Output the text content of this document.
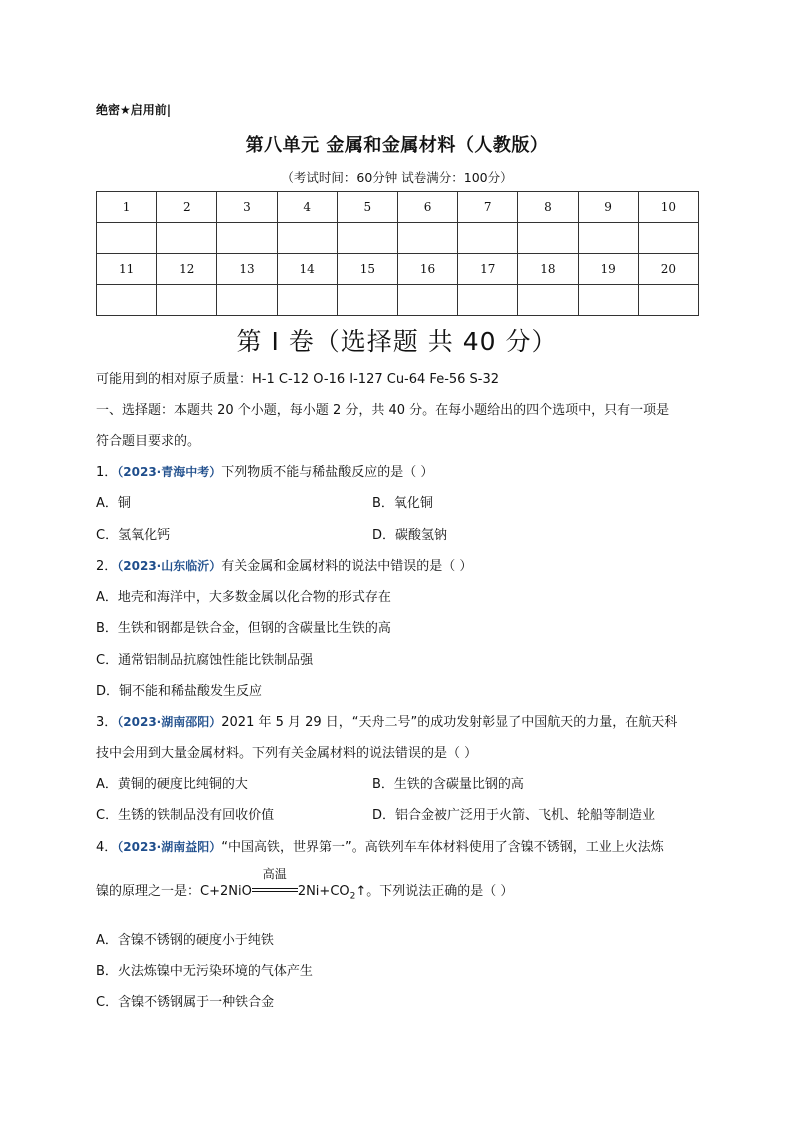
绝密★启用前|
第八单元 金属和金属材料（人教版）
（考试时间：60分钟 试卷满分：100分）
1	2	3	4	5	6	7	8	9	10

11	12	13	14	15	16	17	18	19	20

第 I 卷（选择题 共 40 分）
可能用到的相对原子质量：H-1 C-12 O-16 I-127 Cu-64 Fe-56 S-32
一、选择题：本题共 20 个小题，每小题 2 分，共 40 分。在每小题给出的四个选项中，只有一项是
符合题目要求的。
1．（2023·青海中考）下列物质不能与稀盐酸反应的是（ ）
A．铜	B．氧化铜
C．氢氧化钙	D．碳酸氢钠
2．（2023·山东临沂）有关金属和金属材料的说法中错误的是（ ）
A．地壳和海洋中，大多数金属以化合物的形式存在
B．生铁和钢都是铁合金，但钢的含碳量比生铁的高
C．通常铝制品抗腐蚀性能比铁制品强
D．铜不能和稀盐酸发生反应
3．（2023·湖南邵阳）2021 年 5 月 29 日，“天舟二号”的成功发射彰显了中国航天的力量，在航天科
技中会用到大量金属材料。下列有关金属材料的说法错误的是（ ）
A．黄铜的硬度比纯铜的大	B．生铁的含碳量比钢的高
C．生锈的铁制品没有回收价值	D．铝合金被广泛用于火箭、飞机、轮船等制造业
4．（2023·湖南益阳）“中国高铁，世界第一”。高铁列车车体材料使用了含镍不锈钢，工业上火法炼
镍的原理之一是：C+2NiO
高温
$2Ni+CO_2↑$。下列说法正确的是（ ）
A．含镍不锈钢的硬度小于纯铁
B．火法炼镍中无污染环境的气体产生
C．含镍不锈钢属于一种铁合金
